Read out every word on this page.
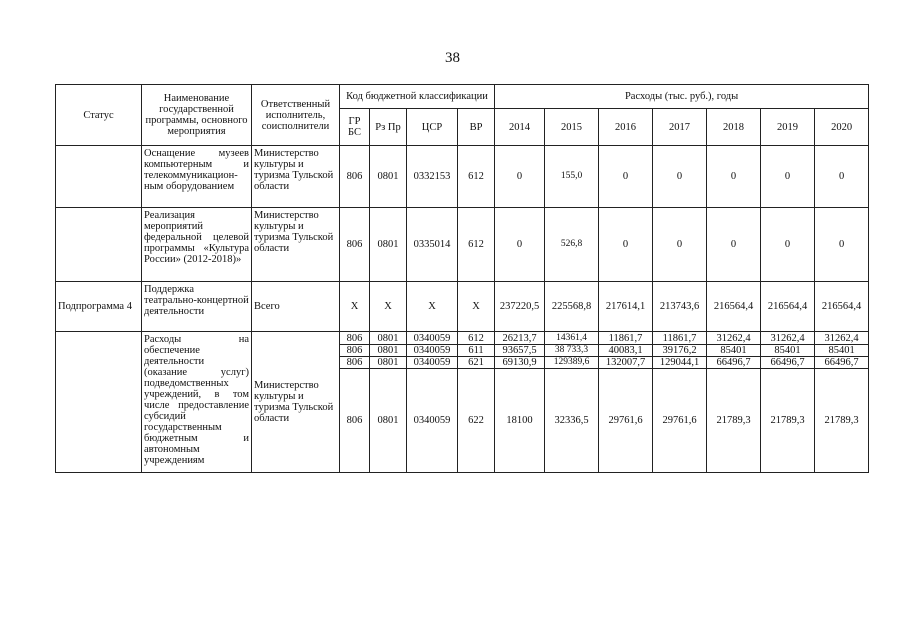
38
Статус	Наименование государственной программы, основного мероприятия	Ответственный исполнитель, соисполнители	Код бюджетной классификации				Расходы (тыс. руб.), годы						
			ГР БС	Рз Пр	ЦСР	ВР	2014	2015	2016	2017	2018	2019	2020
	Оснащение музеев компьютерным и телекоммуникацион-ным оборудованием	Министерство культуры и туризма Тульской области	806	0801	0332153	612	0	155,0	0	0	0	0	0
	Реализация мероприятий федеральной целевой программы «Культура России» (2012-2018)»	Министерство культуры и туризма Тульской области	806	0801	0335014	612	0	526,8	0	0	0	0	0
Подпрограмма 4	Поддержка театрально-концертной деятельности	Всего	X	X	X	X	237220,5	225568,8	217614,1	213743,6	216564,4	216564,4	216564,4
	Расходы на обеспечение деятельности (оказание услуг) подведомственных учреждений, в том числе предоставление субсидий государственным бюджетным и автономным учреждениям	Министерство культуры и туризма Тульской области	806	0801	0340059	612	26213,7	14361,4	11861,7	11861,7	31262,4	31262,4	31262,4
			806	0801	0340059	611	93657,5	38 733,3	40083,1	39176,2	85401	85401	85401
			806	0801	0340059	621	69130,9	129389,6	132007,7	129044,1	66496,7	66496,7	66496,7
			806	0801	0340059	622	18100	32336,5	29761,6	29761,6	21789,3	21789,3	21789,3
